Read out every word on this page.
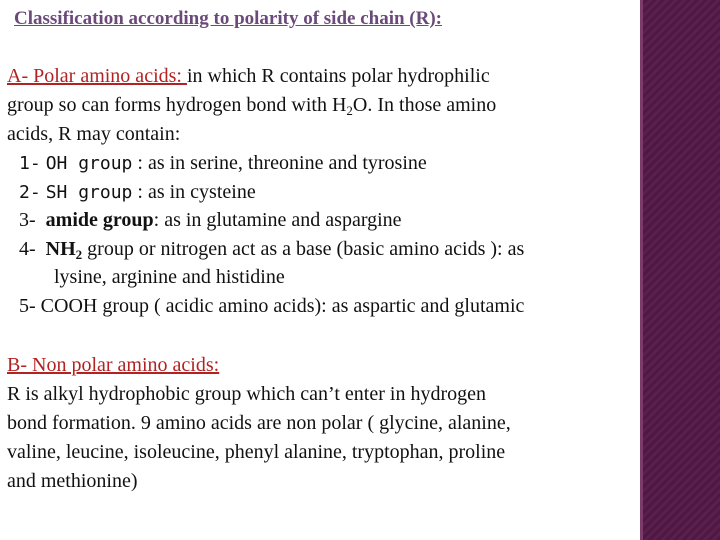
Classification according to polarity of side chain (R):
A- Polar amino acids: in which R contains polar hydrophilic
group so can forms hydrogen bond with $H_2O$. In those amino
acids, R may contain:
1- OH group : as in serine, threonine and tyrosine
2- SH group : as in cysteine
3- amide group: as in glutamine and aspargine
4- $NH_2$ group or nitrogen act as a base (basic amino acids ): as
lysine, arginine and histidine
5- COOH group ( acidic amino acids): as aspartic and glutamic
B- Non polar amino acids:
R is alkyl hydrophobic group which can’t enter in hydrogen
bond formation. 9 amino acids are non polar ( glycine, alanine,
valine, leucine, isoleucine, phenyl alanine, tryptophan, proline
and methionine)
